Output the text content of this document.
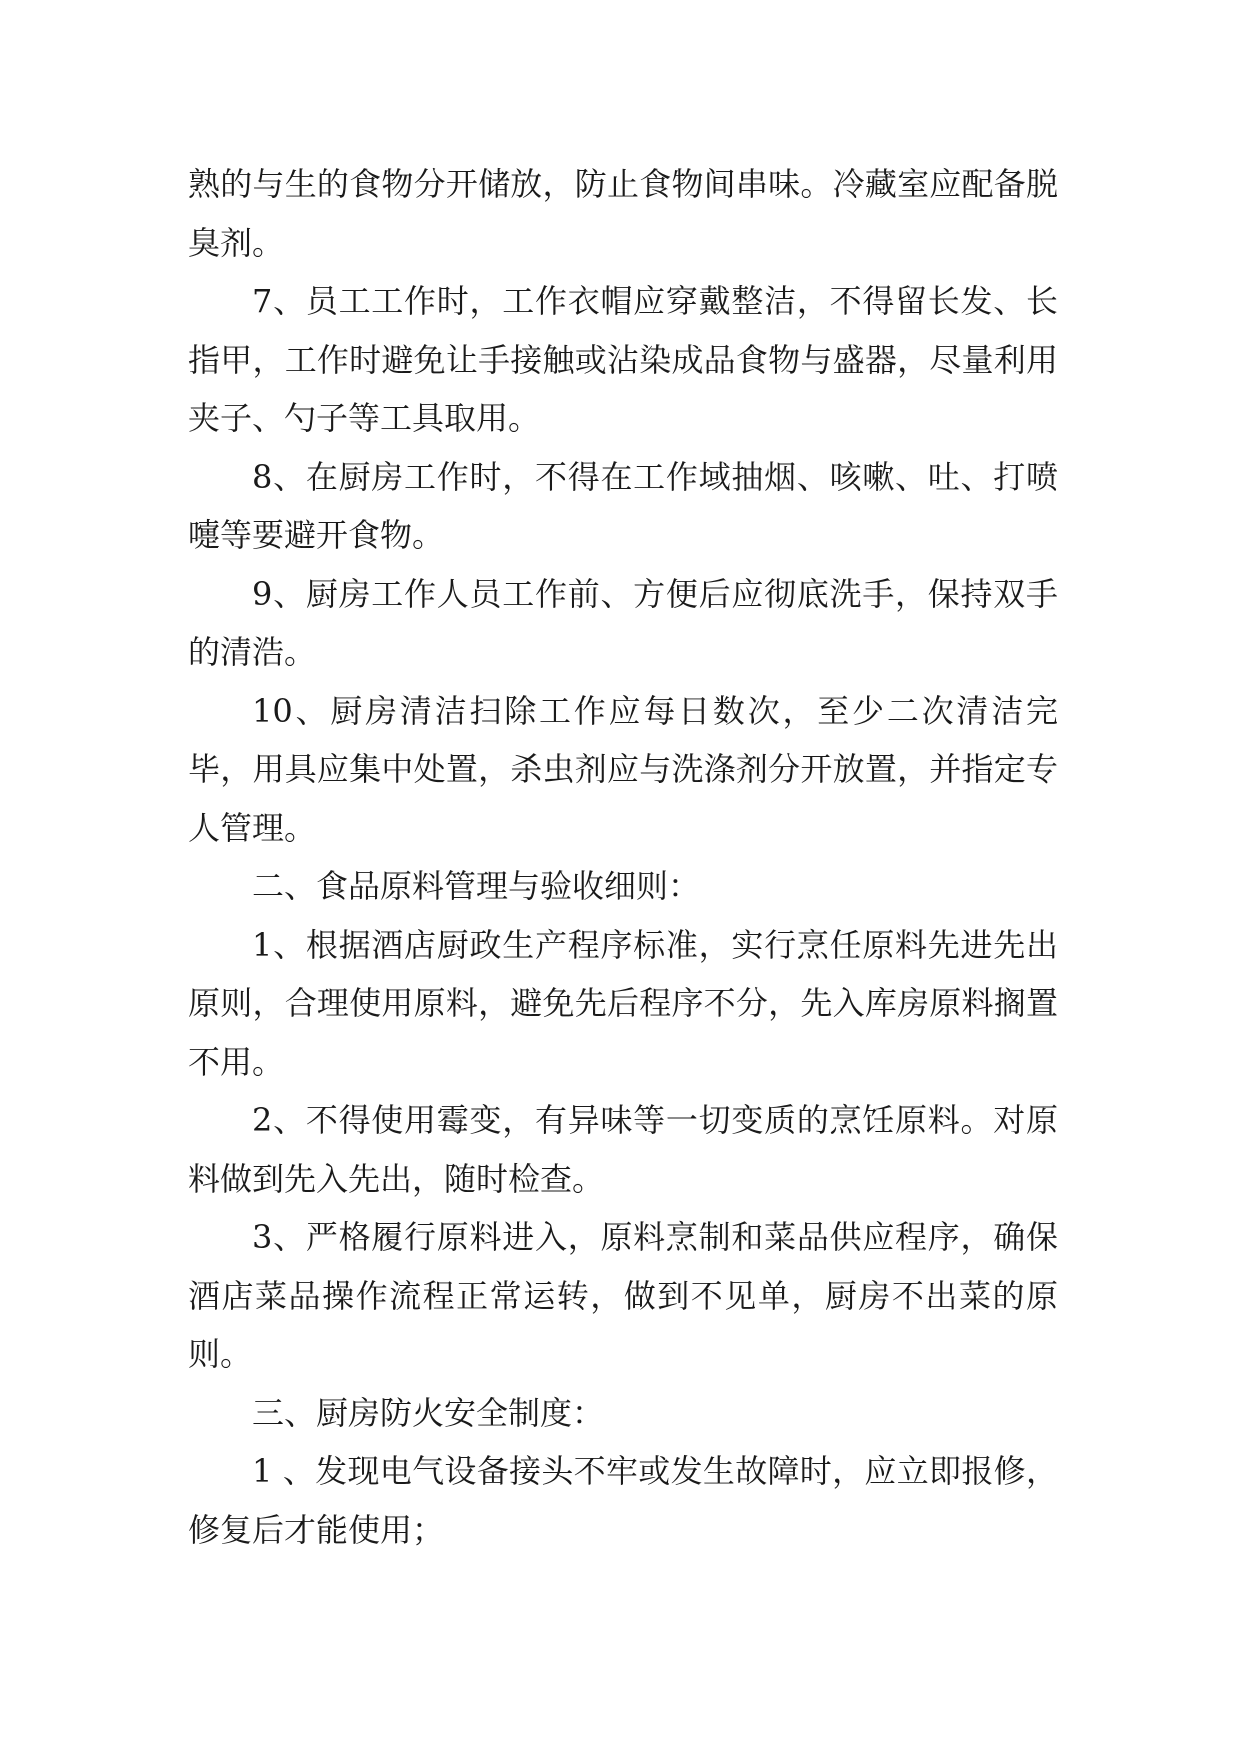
熟的与生的食物分开储放，防止食物间串味。冷藏室应配备脱臭剂。

7、员工工作时，工作衣帽应穿戴整洁，不得留长发、长指甲，工作时避免让手接触或沾染成品食物与盛器，尽量利用夹子、勺子等工具取用。

8、在厨房工作时，不得在工作域抽烟、咳嗽、吐、打喷嚏等要避开食物。

9、厨房工作人员工作前、方便后应彻底洗手，保持双手的清浩。

10、厨房清洁扫除工作应每日数次，至少二次清洁完毕，用具应集中处置，杀虫剂应与洗涤剂分开放置，并指定专人管理。

二、食品原料管理与验收细则：

1、根据酒店厨政生产程序标准，实行烹任原料先进先出原则，合理使用原料，避免先后程序不分，先入库房原料搁置不用。

2、不得使用霉变，有异味等一切变质的烹饪原料。对原料做到先入先出，随时检查。

3、严格履行原料进入，原料烹制和菜品供应程序，确保酒店菜品操作流程正常运转，做到不见单，厨房不出菜的原则。

三、厨房防火安全制度：

1 、发现电气设备接头不牢或发生故障时，应立即报修，修复后才能使用；
